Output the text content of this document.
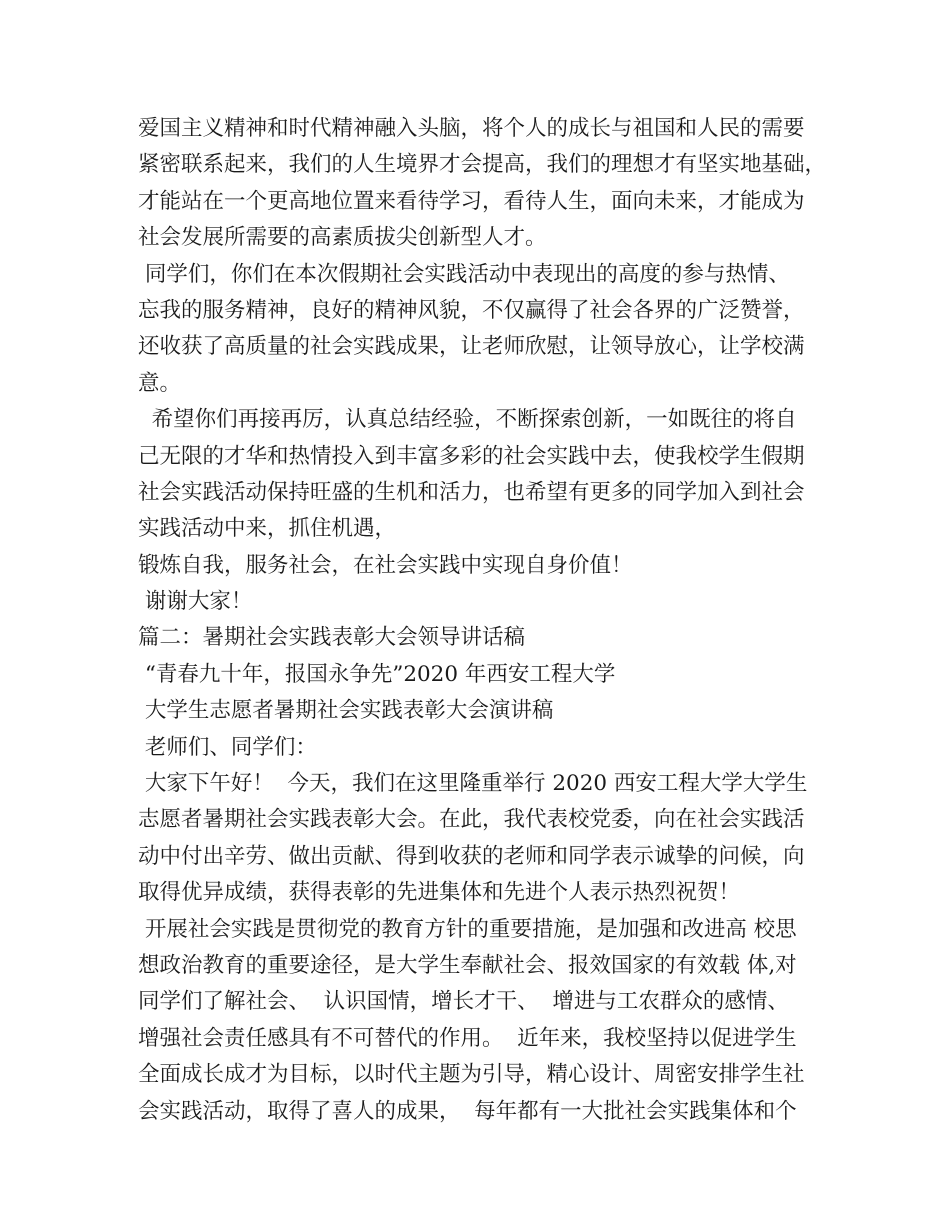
爱国主义精神和时代精神融入头脑，将个人的成长与祖国和人民的需要
紧密联系起来，我们的人生境界才会提高，我们的理想才有坚实地基础，
才能站在一个更高地位置来看待学习，看待人生，面向未来，才能成为
社会发展所需要的高素质拔尖创新型人才。
同学们，你们在本次假期社会实践活动中表现出的高度的参与热情、
忘我的服务精神，良好的精神风貌，不仅赢得了社会各界的广泛赞誉，
还收获了高质量的社会实践成果，让老师欣慰，让领导放心，让学校满
意。
希望你们再接再厉，认真总结经验，不断探索创新，一如既往的将自
己无限的才华和热情投入到丰富多彩的社会实践中去，使我校学生假期
社会实践活动保持旺盛的生机和活力，也希望有更多的同学加入到社会
实践活动中来，抓住机遇，
锻炼自我，服务社会，在社会实践中实现自身价值！
谢谢大家！
篇二：暑期社会实践表彰大会领导讲话稿
“青春九十年，报国永争先”2020 年西安工程大学
大学生志愿者暑期社会实践表彰大会演讲稿
老师们、同学们：
大家下午好！  今天，我们在这里隆重举行 2020 西安工程大学大学生
志愿者暑期社会实践表彰大会。在此，我代表校党委，向在社会实践活
动中付出辛劳、做出贡献、得到收获的老师和同学表示诚挚的问候，向
取得优异成绩，获得表彰的先进集体和先进个人表示热烈祝贺！
开展社会实践是贯彻党的教育方针的重要措施，是加强和改进高 校思
想政治教育的重要途径，是大学生奉献社会、报效国家的有效载 体,对
同学们了解社会、  认识国情，增长才干、  增进与工农群众的感情、
增强社会责任感具有不可替代的作用。  近年来，我校坚持以促进学生
全面成长成才为目标，以时代主题为引导，精心设计、周密安排学生社
会实践活动，取得了喜人的成果，  每年都有一大批社会实践集体和个
